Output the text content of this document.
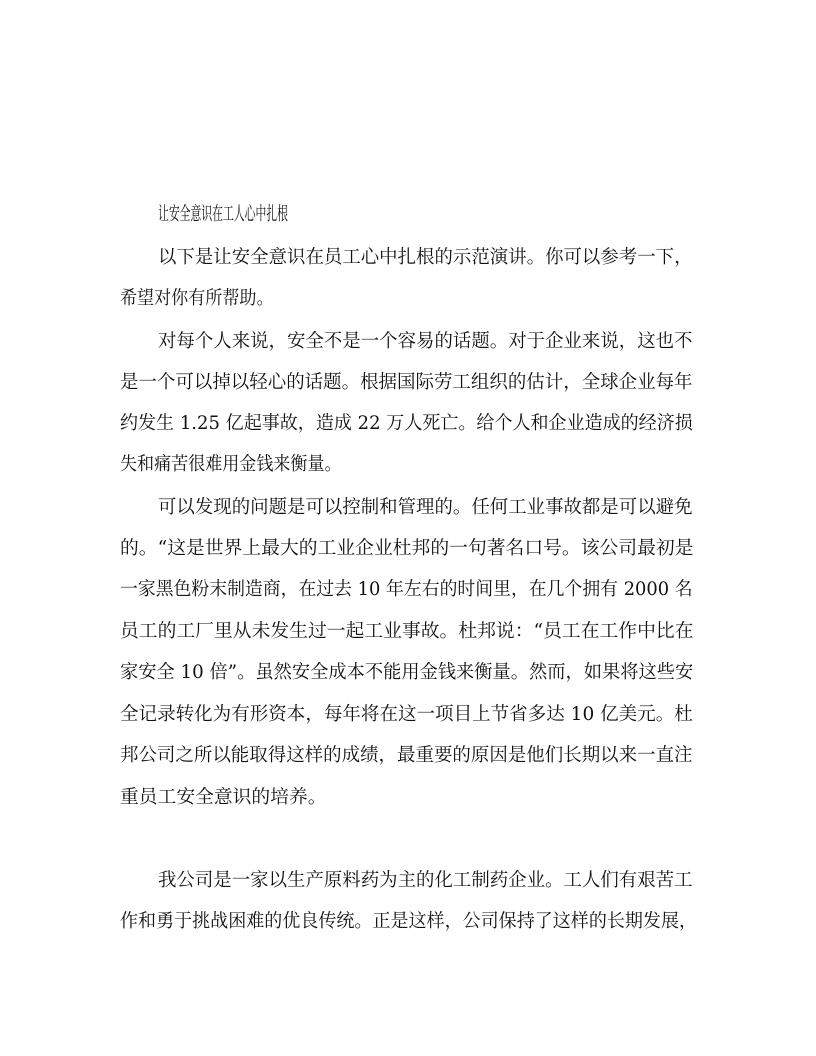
让安全意识在工人心中扎根
以下是让安全意识在员工心中扎根的示范演讲。你可以参考一下，
希望对你有所帮助。
对每个人来说，安全不是一个容易的话题。对于企业来说，这也不
是一个可以掉以轻心的话题。根据国际劳工组织的估计，全球企业每年
约发生 1.25 亿起事故，造成 22 万人死亡。给个人和企业造成的经济损
失和痛苦很难用金钱来衡量。
可以发现的问题是可以控制和管理的。任何工业事故都是可以避免
的。“这是世界上最大的工业企业杜邦的一句著名口号。该公司最初是
一家黑色粉末制造商，在过去 10 年左右的时间里，在几个拥有 2000 名
员工的工厂里从未发生过一起工业事故。杜邦说：“员工在工作中比在
家安全 10 倍”。虽然安全成本不能用金钱来衡量。然而，如果将这些安
全记录转化为有形资本，每年将在这一项目上节省多达 10 亿美元。杜
邦公司之所以能取得这样的成绩，最重要的原因是他们长期以来一直注
重员工安全意识的培养。
我公司是一家以生产原料药为主的化工制药企业。工人们有艰苦工
作和勇于挑战困难的优良传统。正是这样，公司保持了这样的长期发展，
